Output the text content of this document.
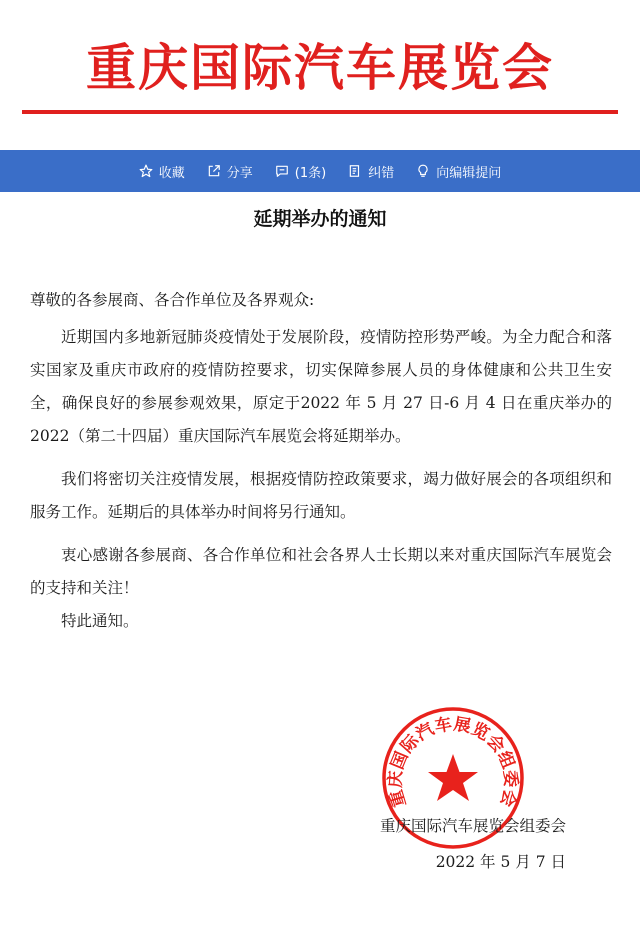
重庆国际汽车展览会
收藏	分享	(1条)	纠错	向编辑提问
延期举办的通知

尊敬的各参展商、各合作单位及各界观众:

近期国内多地新冠肺炎疫情处于发展阶段，疫情防控形势严峻。为全力配合和落实国家及重庆市政府的疫情防控要求，切实保障参展人员的身体健康和公共卫生安全，确保良好的参展参观效果，原定于2022 年 5 月 27 日-6 月 4 日在重庆举办的 2022（第二十四届）重庆国际汽车展览会将延期举办。

我们将密切关注疫情发展，根据疫情防控政策要求，竭力做好展会的各项组织和服务工作。延期后的具体举办时间将另行通知。

衷心感谢各参展商、各合作单位和社会各界人士长期以来对重庆国际汽车展览会的支持和关注！

特此通知。

重庆国际汽车展览会组委会
重庆国际汽车展览会组委会
2022 年 5 月 7 日
